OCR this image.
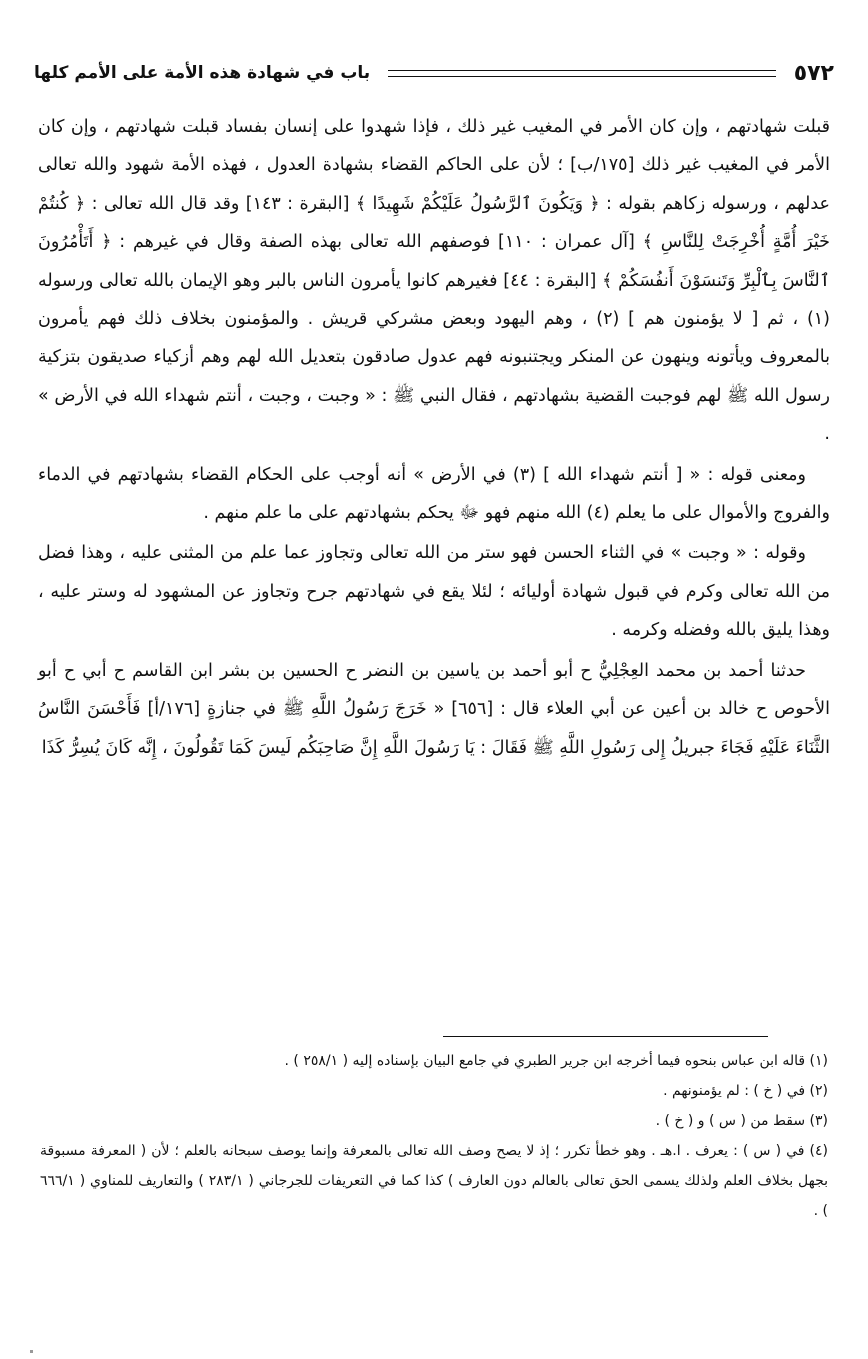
٥٧٢
باب في شهادة هذه الأمة على الأمم كلها

قبلت شهادتهم ، وإن كان الأمر في المغيب غير ذلك ، فإذا شهدوا على إنسان بفساد قبلت شهادتهم ، وإن كان الأمر في المغيب غير ذلك [١٧٥/ب] ؛ لأن على الحاكم القضاء بشهادة العدول ، فهذه الأمة شهود والله تعالى عدلهم ، ورسوله زكاهم بقوله : ﴿ وَيَكُونَ ٱلرَّسُولُ عَلَيْكُمْ شَهِيدًا ﴾ [البقرة : ١٤٣] وقد قال الله تعالى : ﴿ كُنتُمْ خَيْرَ أُمَّةٍ أُخْرِجَتْ لِلنَّاسِ ﴾ [آل عمران : ١١٠] فوصفهم الله تعالى بهذه الصفة وقال في غيرهم : ﴿ أَتَأْمُرُونَ ٱلنَّاسَ بِٱلْبِرِّ وَتَنسَوْنَ أَنفُسَكُمْ ﴾ [البقرة : ٤٤] فغيرهم كانوا يأمرون الناس بالبر وهو الإيمان بالله تعالى ورسوله (١) ، ثم [ لا يؤمنون هم ] (٢) ، وهم اليهود وبعض مشركي قريش . والمؤمنون بخلاف ذلك فهم يأمرون بالمعروف ويأتونه وينهون عن المنكر ويجتنبونه فهم عدول صادقون بتعديل الله لهم وهم أزكياء صديقون بتزكية رسول الله ﷺ لهم فوجبت القضية بشهادتهم ، فقال النبي ﷺ : « وجبت ، وجبت ، أنتم شهداء الله في الأرض » .

ومعنى قوله : « [ أنتم شهداء الله ] (٣) في الأرض » أنه أوجب على الحكام القضاء بشهادتهم في الدماء والفروج والأموال على ما يعلم (٤) الله منهم فهو ﷻ يحكم بشهادتهم على ما علم منهم .

وقوله : « وجبت » في الثناء الحسن فهو ستر من الله تعالى وتجاوز عما علم من المثنى عليه ، وهذا فضل من الله تعالى وكرم في قبول شهادة أوليائه ؛ لئلا يقع في شهادتهم جرح وتجاوز عن المشهود له وستر عليه ، وهذا يليق بالله وفضله وكرمه .

حدثنا أحمد بن محمد العِجْلِيُّ ح أبو أحمد بن ياسين بن النضر ح الحسين بن بشر ابن القاسم ح أبي ح أبو الأحوص ح خالد بن أعين عن أبي العلاء قال : [٦٥٦] « خَرَجَ رَسُولُ اللَّهِ ﷺ في جنازةٍ [١٧٦/أ] فَأَحْسَنَ النَّاسُ الثَّنَاءَ عَلَيْهِ فَجَاءَ جبريلُ إِلى رَسُولِ اللَّهِ ﷺ فَقَالَ : يَا رَسُولَ اللَّهِ إِنَّ صَاحِبَكُم لَيسَ كَمَا تَقُولُونَ ، إِنَّه كَانَ يُسِرُّ كَذَا

(١) قاله ابن عباس بنحوه فيما أخرجه ابن جرير الطبري في جامع البيان بإسناده إليه ( ٢٥٨/١ ) .

(٢) في ( خ ) : لم يؤمنونهم .

(٣) سقط من ( س ) و ( خ ) .

(٤) في ( س ) : يعرف . ا.هـ . وهو خطأ تكرر ؛ إذ لا يصح وصف الله تعالى بالمعرفة وإنما يوصف سبحانه بالعلم ؛ لأن ( المعرفة مسبوقة بجهل بخلاف العلم ولذلك يسمى الحق تعالى بالعالم دون العارف ) كذا كما في التعريفات للجرجاني ( ٢٨٣/١ ) والتعاريف للمناوي ( ٦٦٦/١ ) .
